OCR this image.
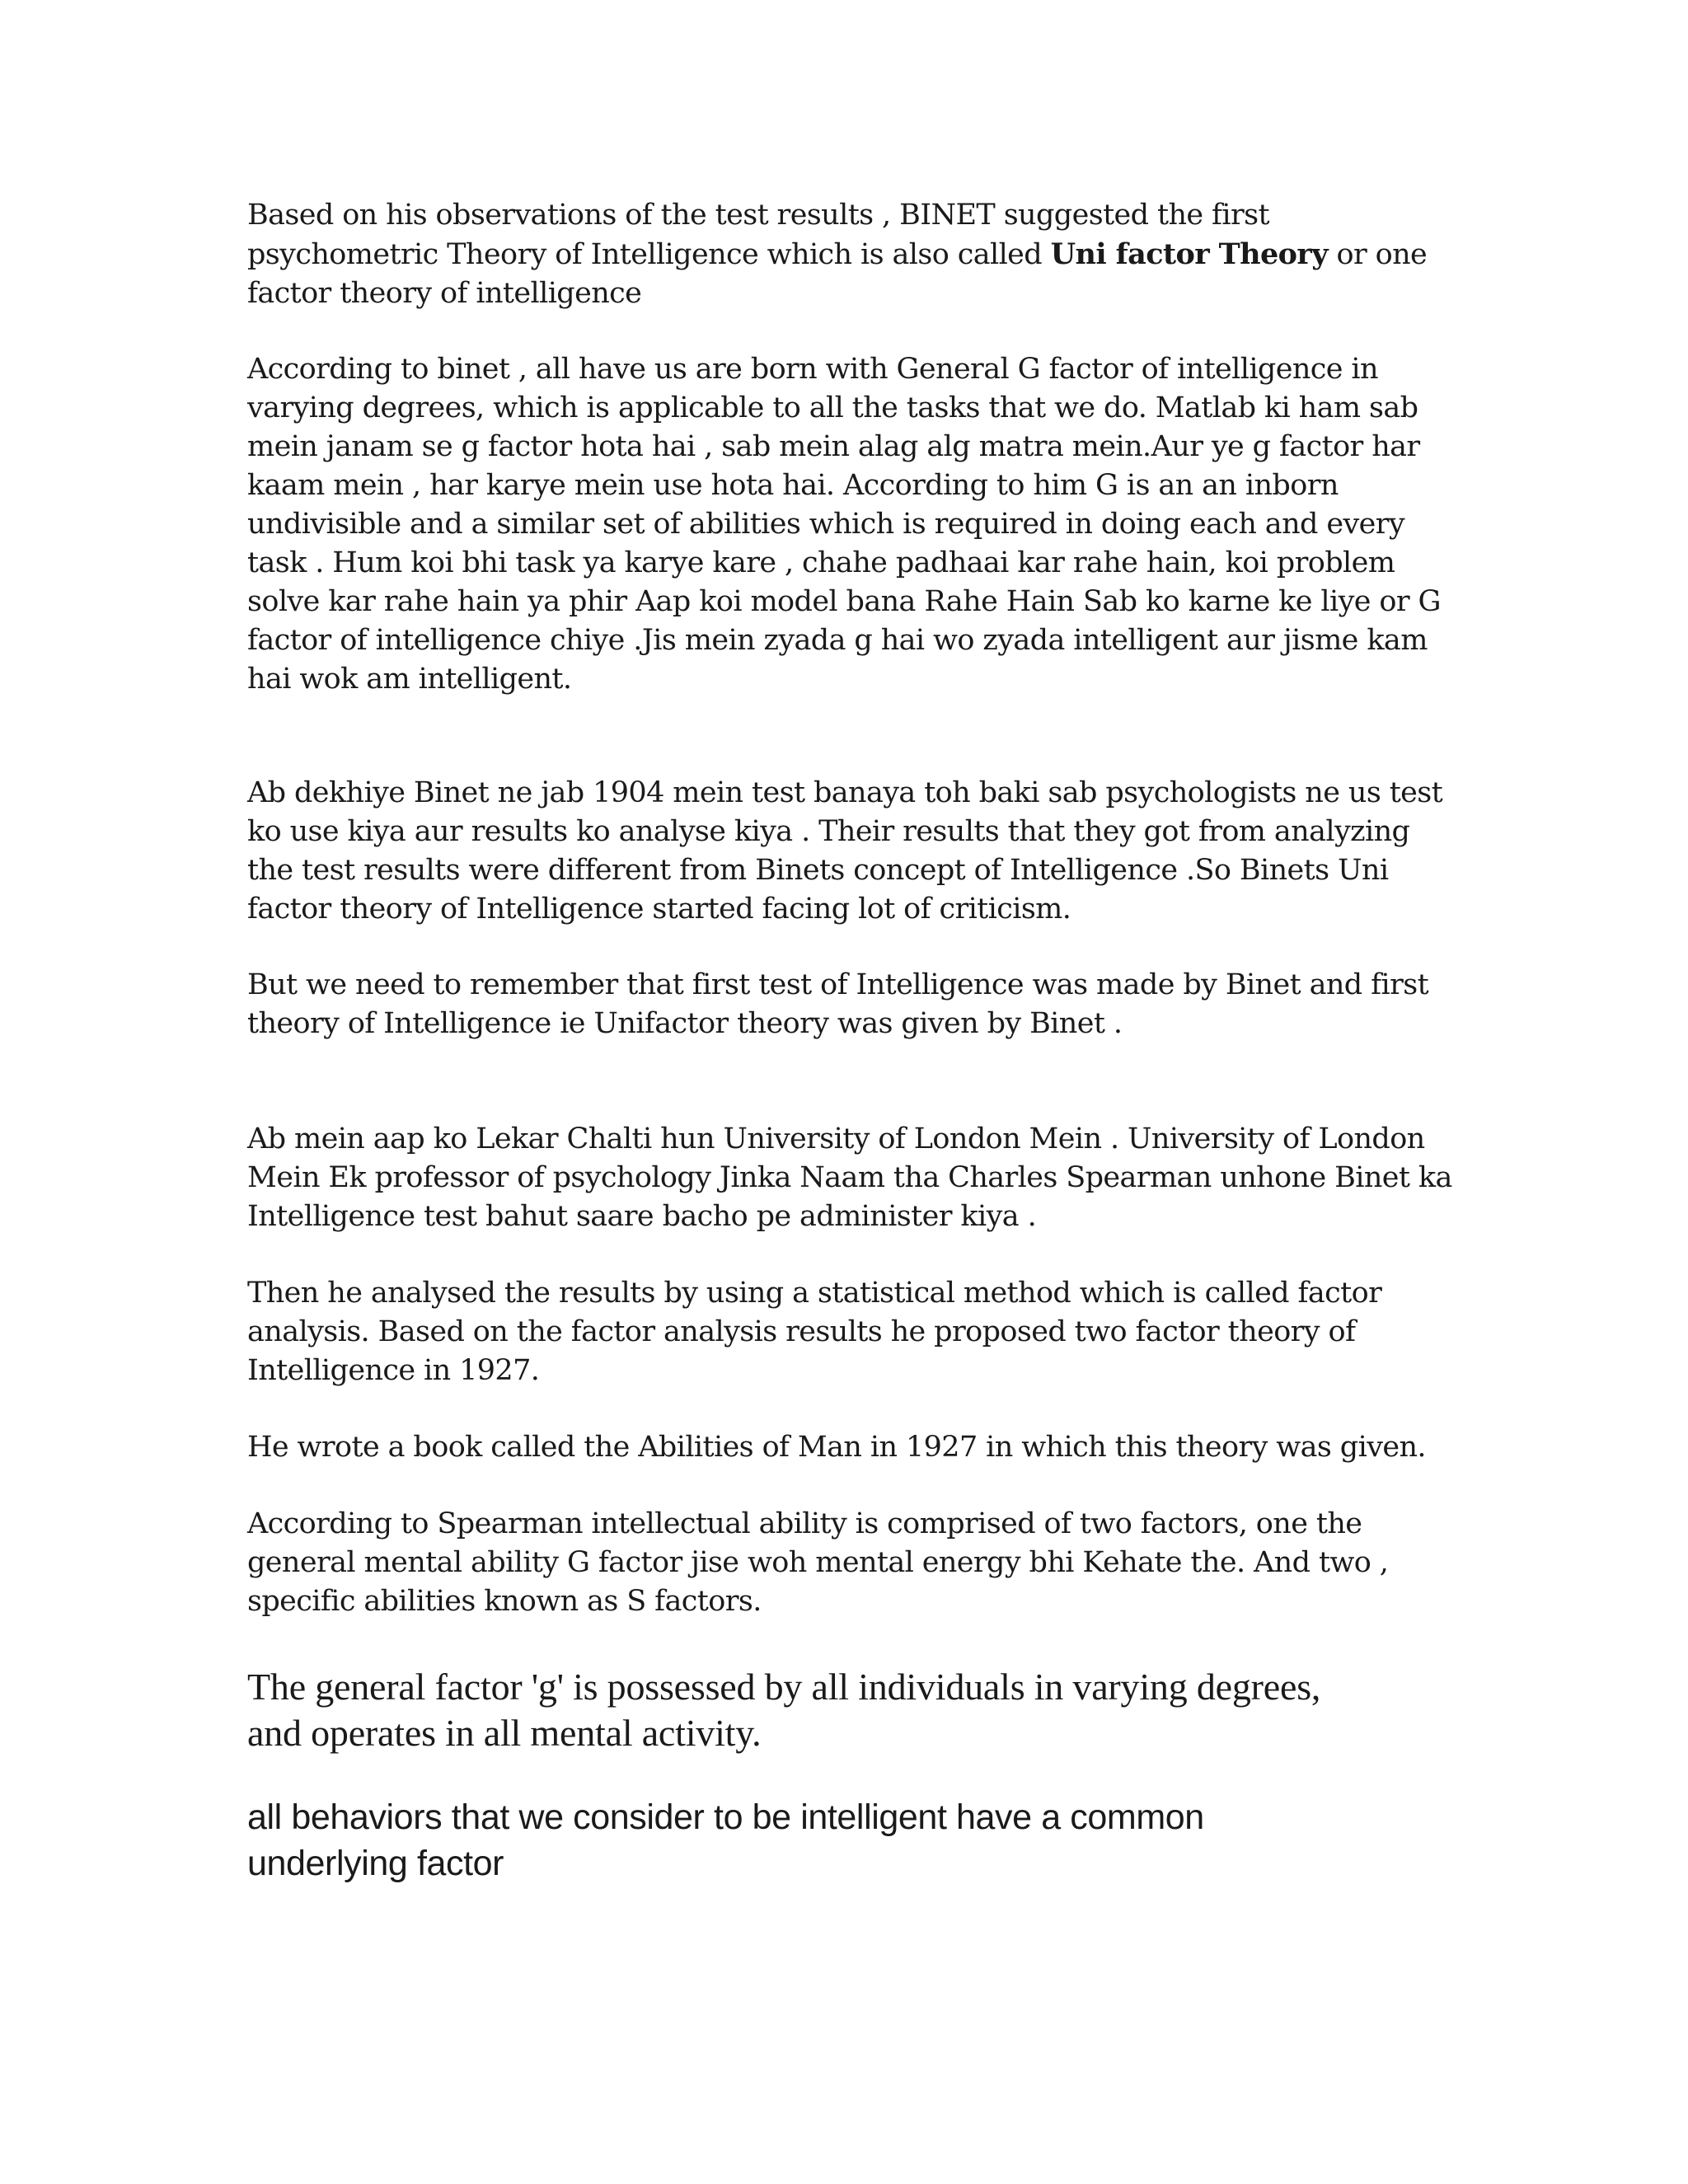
Based on his observations of the test results , BINET suggested the first
psychometric Theory of Intelligence which is also called Uni factor Theory or one
factor theory of intelligence
According to binet , all have us are born with General G factor of intelligence in
varying degrees, which is applicable to all the tasks that we do. Matlab ki ham sab
mein janam se g factor hota hai , sab mein alag alg matra mein.Aur ye g factor har
kaam mein , har karye mein use hota hai. According to him G is an an inborn
undivisible and a similar set of abilities which is required in doing each and every
task . Hum koi bhi task ya karye kare , chahe padhaai kar rahe hain, koi problem
solve kar rahe hain ya phir Aap koi model bana Rahe Hain Sab ko karne ke liye or G
factor of intelligence chiye .Jis mein zyada g hai wo zyada intelligent aur jisme kam
hai wok am intelligent.
Ab dekhiye Binet ne jab 1904 mein test banaya toh baki sab psychologists ne us test
ko use kiya aur results ko analyse kiya . Their results that they got from analyzing
the test results were different from Binets concept of Intelligence .So Binets Uni
factor theory of Intelligence started facing lot of criticism.
But we need to remember that first test of Intelligence was made by Binet and first
theory of Intelligence ie Unifactor theory was given by Binet .
Ab mein aap ko Lekar Chalti hun University of London Mein . University of London
Mein Ek professor of psychology Jinka Naam tha Charles Spearman unhone Binet ka
Intelligence test bahut saare bacho pe administer kiya .
Then he analysed the results by using a statistical method which is called factor
analysis. Based on the factor analysis results he proposed two factor theory of
Intelligence in 1927.
He wrote a book called the Abilities of Man in 1927 in which this theory was given.
According to Spearman intellectual ability is comprised of two factors, one the
general mental ability G factor jise woh mental energy bhi Kehate the. And two ,
specific abilities known as S factors.
The general factor 'g' is possessed by all individuals in varying degrees,
and operates in all mental activity.
all behaviors that we consider to be intelligent have a common
underlying factor
